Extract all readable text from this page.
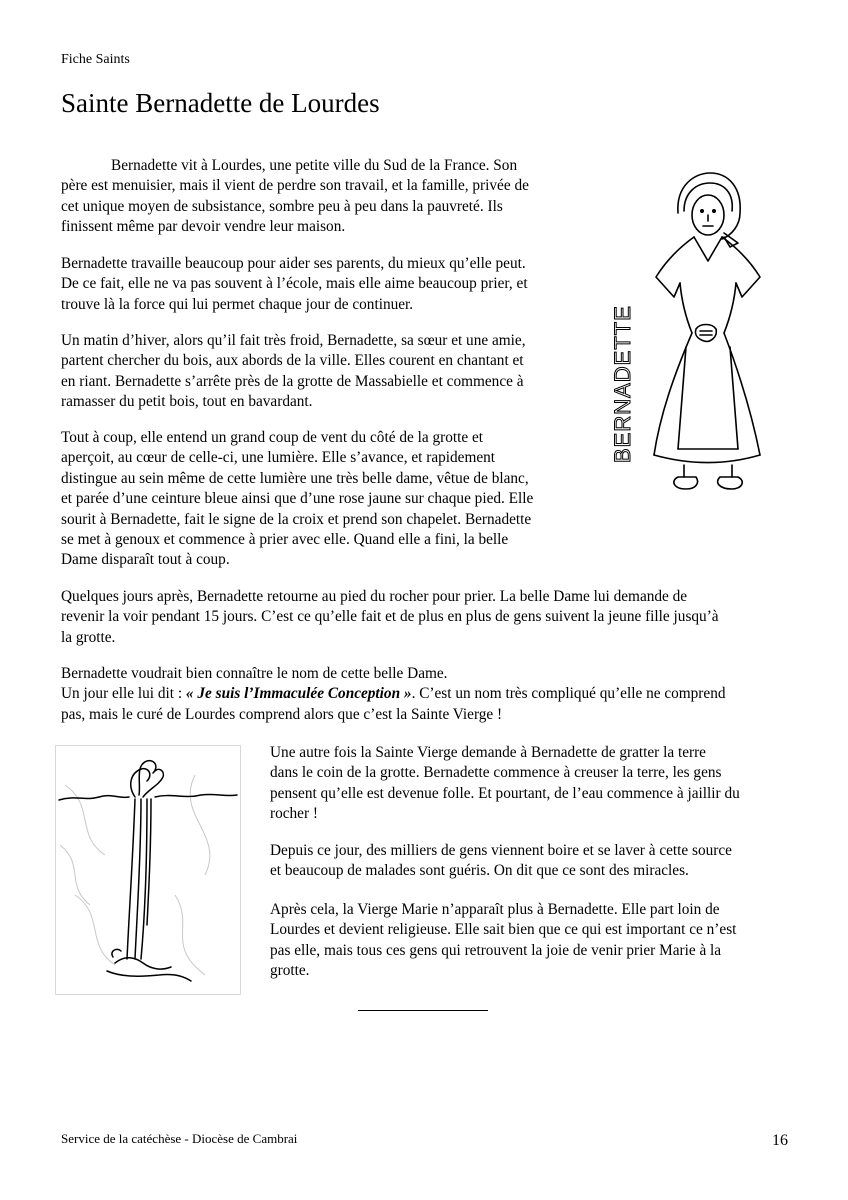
Fiche Saints
Sainte Bernadette de Lourdes
Bernadette vit à Lourdes, une petite ville du Sud de la France. Son
père est menuisier, mais il vient de perdre son travail, et la famille, privée de
cet unique moyen de subsistance, sombre peu à peu dans la pauvreté. Ils
finissent même par devoir vendre leur maison.
Bernadette travaille beaucoup pour aider ses parents, du mieux qu’elle peut.
De ce fait, elle ne va pas souvent à l’école, mais elle aime beaucoup prier, et
trouve là la force qui lui permet chaque jour de continuer.
Un matin d’hiver, alors qu’il fait très froid, Bernadette, sa sœur et une amie,
partent chercher du bois, aux abords de la ville. Elles courent en chantant et
en riant. Bernadette s’arrête près de la grotte de Massabielle et commence à
ramasser du petit bois, tout en bavardant.
Tout à coup, elle entend un grand coup de vent du côté de la grotte et
aperçoit, au cœur de celle-ci, une lumière. Elle s’avance, et rapidement
distingue au sein même de cette lumière une très belle dame, vêtue de blanc,
et parée d’une ceinture bleue ainsi que d’une rose jaune sur chaque pied. Elle
sourit à Bernadette, fait le signe de la croix et prend son chapelet. Bernadette
se met à genoux et commence à prier avec elle. Quand elle a fini, la belle
Dame disparaît tout à coup.
Quelques jours après, Bernadette retourne au pied du rocher pour prier. La belle Dame lui demande de
revenir la voir pendant 15 jours. C’est ce qu’elle fait et de plus en plus de gens suivent la jeune fille jusqu’à
la grotte.
Bernadette voudrait bien connaître le nom de cette belle Dame.
Un jour elle lui dit : « Je suis l’Immaculée Conception ». C’est un nom très compliqué qu’elle ne comprend
pas, mais le curé de Lourdes comprend alors que c’est la Sainte Vierge !
Une autre fois la Sainte Vierge demande à Bernadette de gratter la terre
dans le coin de la grotte. Bernadette commence à creuser la terre, les gens
pensent qu’elle est devenue folle. Et pourtant, de l’eau commence à jaillir du
rocher !
Depuis ce jour, des milliers de gens viennent boire et se laver à cette source
et beaucoup de malades sont guéris. On dit que ce sont des miracles.
Après cela, la Vierge Marie n’apparaît plus à Bernadette. Elle part loin de
Lourdes et devient religieuse. Elle sait bien que ce qui est important ce n’est
pas elle, mais tous ces gens qui retrouvent la joie de venir prier Marie à la
grotte.
BERNADETTE
Service de la catéchèse - Diocèse de Cambrai	16
